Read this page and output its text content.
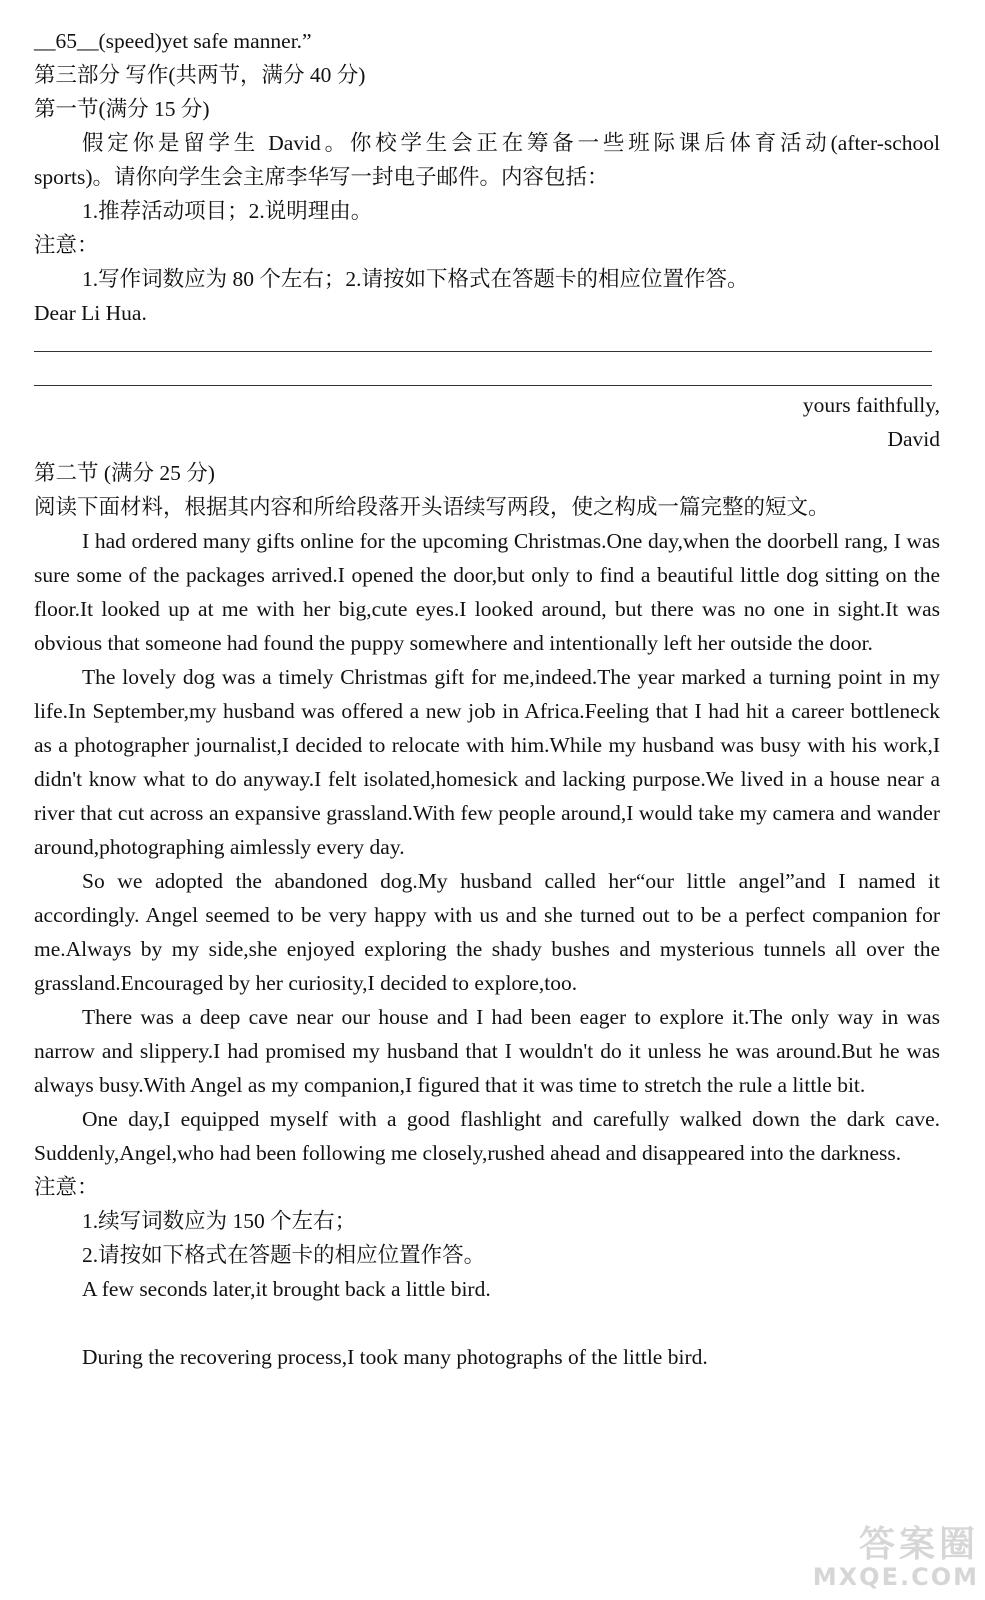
__65__(speed)yet safe manner.”
第三部分 写作(共两节，满分 40 分)
第一节(满分 15 分)
假定你是留学生 David。你校学生会正在筹备一些班际课后体育活动(after-school
sports)。请你向学生会主席李华写一封电子邮件。内容包括：
1.推荐活动项目；2.说明理由。
注意：
1.写作词数应为 80 个左右；2.请按如下格式在答题卡的相应位置作答。
Dear Li Hua.
yours faithfully,
David
第二节 (满分 25 分)
阅读下面材料，根据其内容和所给段落开头语续写两段，使之构成一篇完整的短文。
I had ordered many gifts online for the upcoming Christmas.One day,when the doorbell rang, I was sure some of the packages arrived.I opened the door,but only to find a beautiful little dog sitting on the floor.It looked up at me with her big,cute eyes.I looked around, but there was no one in sight.It was obvious that someone had found the puppy somewhere and intentionally left her outside the door.
The lovely dog was a timely Christmas gift for me,indeed.The year marked a turning point in my life.In September,my husband was offered a new job in Africa.Feeling that I had hit a career bottleneck as a photographer journalist,I decided to relocate with him.While my husband was busy with his work,I didn't know what to do anyway.I felt isolated,homesick and lacking purpose.We lived in a house near a river that cut across an expansive grassland.With few people around,I would take my camera and wander around,photographing aimlessly every day.
So we adopted the abandoned dog.My husband called her“our little angel”and I named it accordingly. Angel seemed to be very happy with us and she turned out to be a perfect companion for me.Always by my side,she enjoyed exploring the shady bushes and mysterious tunnels all over the grassland.Encouraged by her curiosity,I decided to explore,too.
There was a deep cave near our house and I had been eager to explore it.The only way in was narrow and slippery.I had promised my husband that I wouldn't do it unless he was around.But he was always busy.With Angel as my companion,I figured that it was time to stretch the rule a little bit.
One day,I equipped myself with a good flashlight and carefully walked down the dark cave. Suddenly,Angel,who had been following me closely,rushed ahead and disappeared into the darkness.
注意：
1.续写词数应为 150 个左右；
2.请按如下格式在答题卡的相应位置作答。
A few seconds later,it brought back a little bird.
During the recovering process,I took many photographs of the little bird.
答案圈
MXQE.COM
